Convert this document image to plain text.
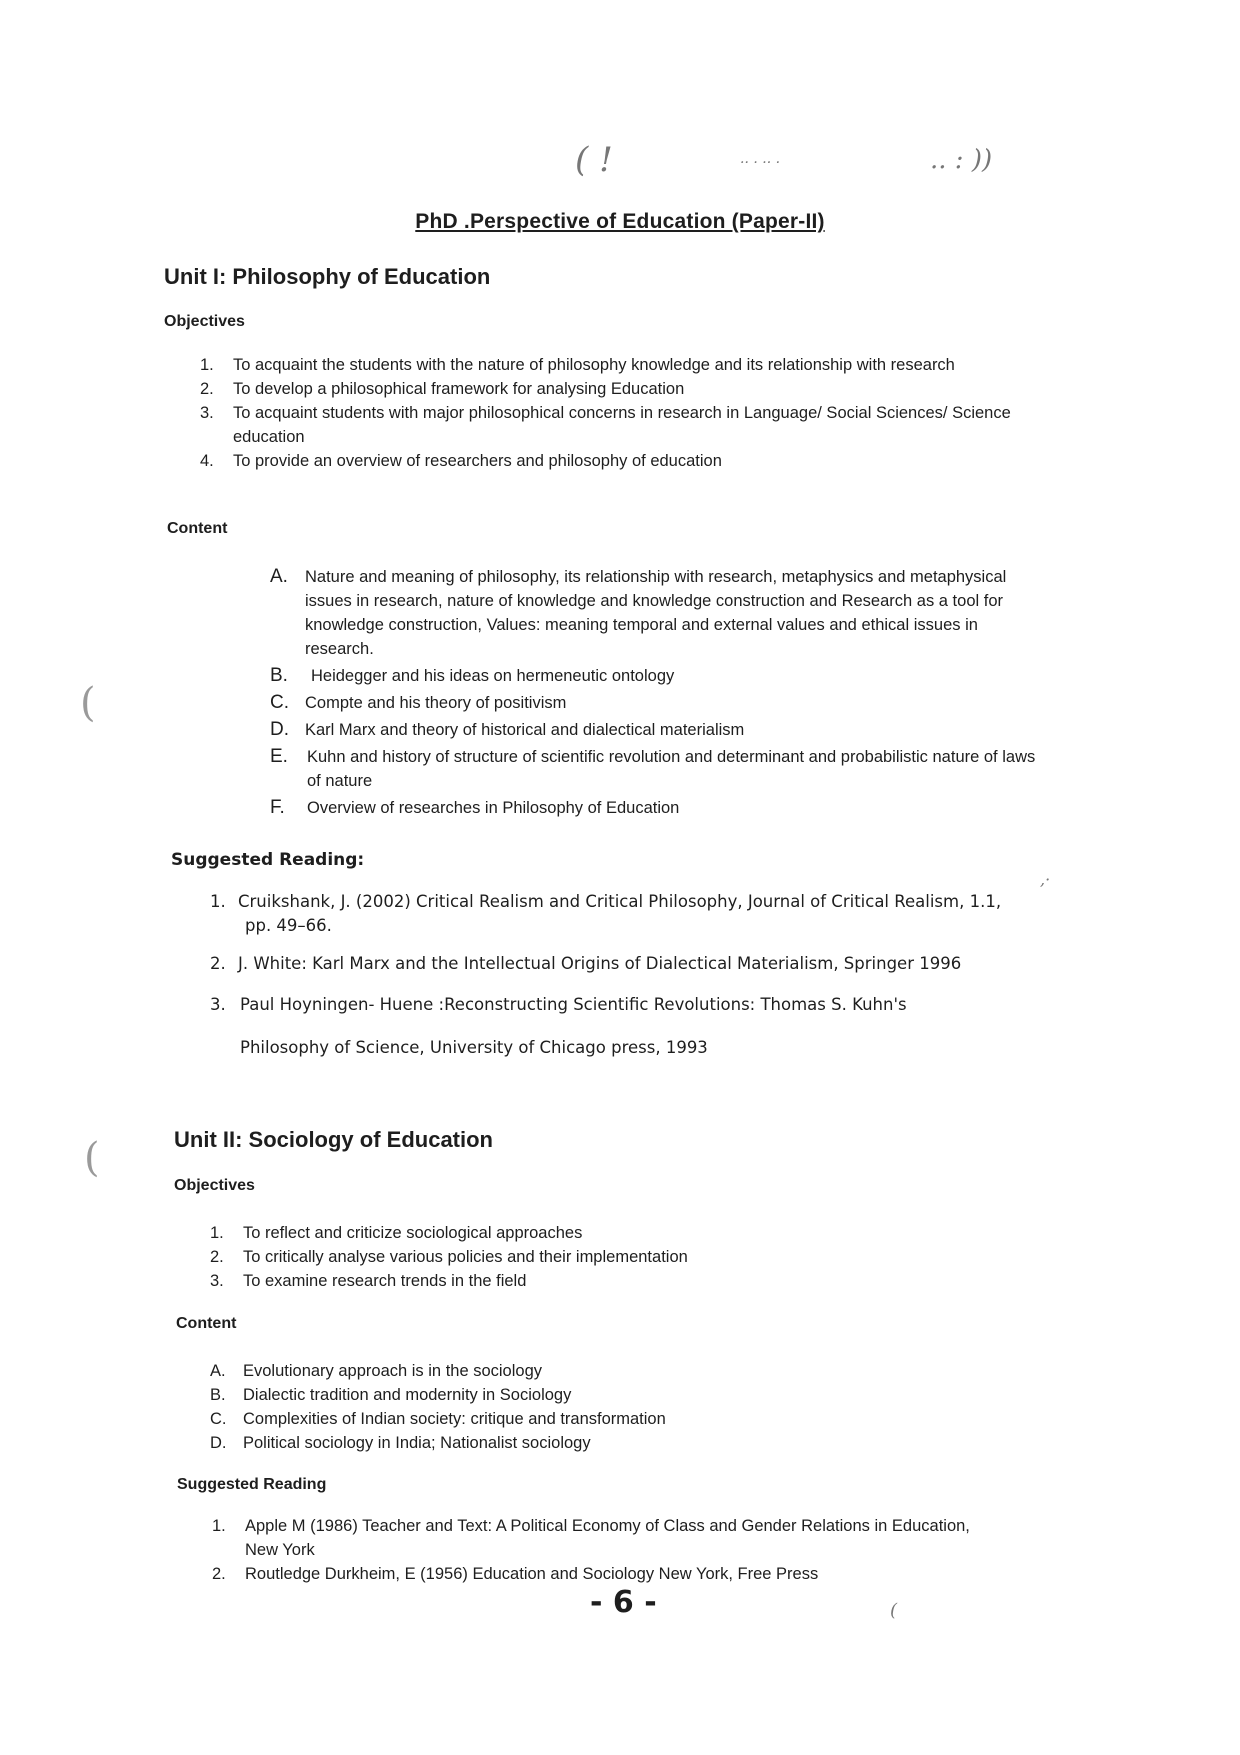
( !	·· · ·· ·	.. : ))
(
(
,·
(
PhD .Perspective of Education (Paper-II)
Unit I: Philosophy of Education
Objectives
1.	To acquaint the students with the nature of philosophy knowledge and its relationship with research
2.	To develop a philosophical framework for analysing Education
3.	To acquaint students with major philosophical concerns in research in Language/ Social Sciences/ Science education
4.	To provide an overview of researchers and philosophy of education
Content
A.	Nature and meaning of philosophy, its relationship with research, metaphysics and metaphysical issues in research, nature of knowledge and knowledge construction and Research as a tool for knowledge construction, Values: meaning temporal and external values and ethical issues in research.
B.	Heidegger and his ideas on hermeneutic ontology
C. Compte and his theory of positivism
D. Karl Marx and theory of historical and dialectical materialism
E.	Kuhn and history of structure of scientific revolution and determinant and probabilistic nature of laws of nature
F.	Overview of researches in Philosophy of Education
Suggested Reading:
1. Cruikshank, J. (2002) Critical Realism and Critical Philosophy, Journal of Critical Realism, 1.1,
pp. 49–66.
2. J. White: Karl Marx and the Intellectual Origins of Dialectical Materialism, Springer 1996
3. Paul Hoyningen- Huene :Reconstructing Scientific Revolutions: Thomas S. Kuhn's
Philosophy of Science, University of Chicago press, 1993
Unit II: Sociology of Education
Objectives
1.	To reflect and criticize sociological approaches
2.	To critically analyse various policies and their implementation
3.	To examine research trends in the field
Content
A.	Evolutionary approach is in the sociology
B.	Dialectic tradition and modernity in Sociology
C.	Complexities of Indian society: critique and transformation
D.	Political sociology in India; Nationalist sociology
Suggested Reading
1.	Apple M (1986) Teacher and Text: A Political Economy of Class and Gender Relations in Education, New York
2.	Routledge Durkheim, E (1956) Education and Sociology New York, Free Press
- 6 -
